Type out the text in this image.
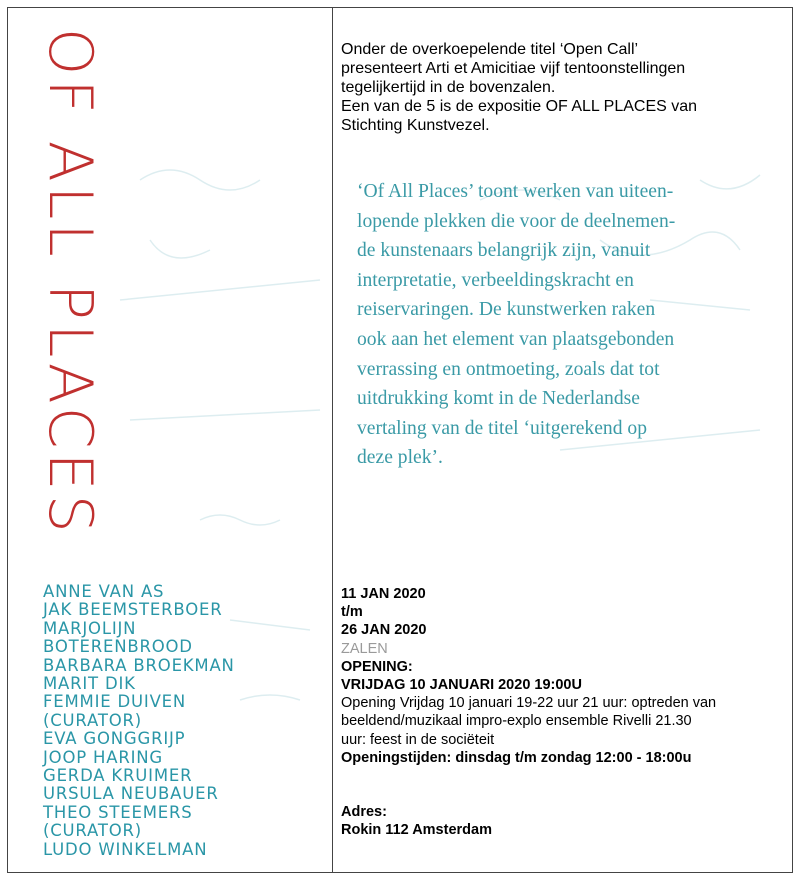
OF ALL PLACES
ANNE VAN AS
JAK BEEMSTERBOER
MARJOLIJN
BOTERENBROOD
BARBARA BROEKMAN
MARIT DIK
FEMMIE DUIVEN
(CURATOR)
EVA GONGGRIJP
JOOP HARING
GERDA KRUIMER
URSULA NEUBAUER
THEO STEEMERS
(CURATOR)
LUDO WINKELMAN

Onder de overkoepelende titel ‘Open Call’

presenteert Arti et Amicitiae vijf tentoonstellingen

tegelijkertijd in de bovenzalen.

Een van de 5 is de expositie OF ALL PLACES van

Stichting Kunstvezel.

‘Of All Places’ toont werken van uiteen-

lopende plekken die voor de deelnemen-

de kunstenaars belangrijk zijn, vanuit

interpretatie, verbeeldingskracht en

reiservaringen. De kunstwerken raken

ook aan het element van plaatsgebonden

verrassing en ontmoeting, zoals dat tot

uitdrukking komt in de Nederlandse

vertaling van de titel ‘uitgerekend op

deze plek’.

11 JAN 2020
t/m
26 JAN 2020
ZALEN
OPENING:
VRIJDAG 10 JANUARI 2020 19:00U
Opening Vrijdag 10 januari 19-22 uur 21 uur: optreden van
beeldend/muzikaal impro-explo ensemble Rivelli 21.30
uur: feest in de sociëteit
Openingstijden: dinsdag t/m zondag 12:00 - 18:00u
Adres:
Rokin 112 Amsterdam
